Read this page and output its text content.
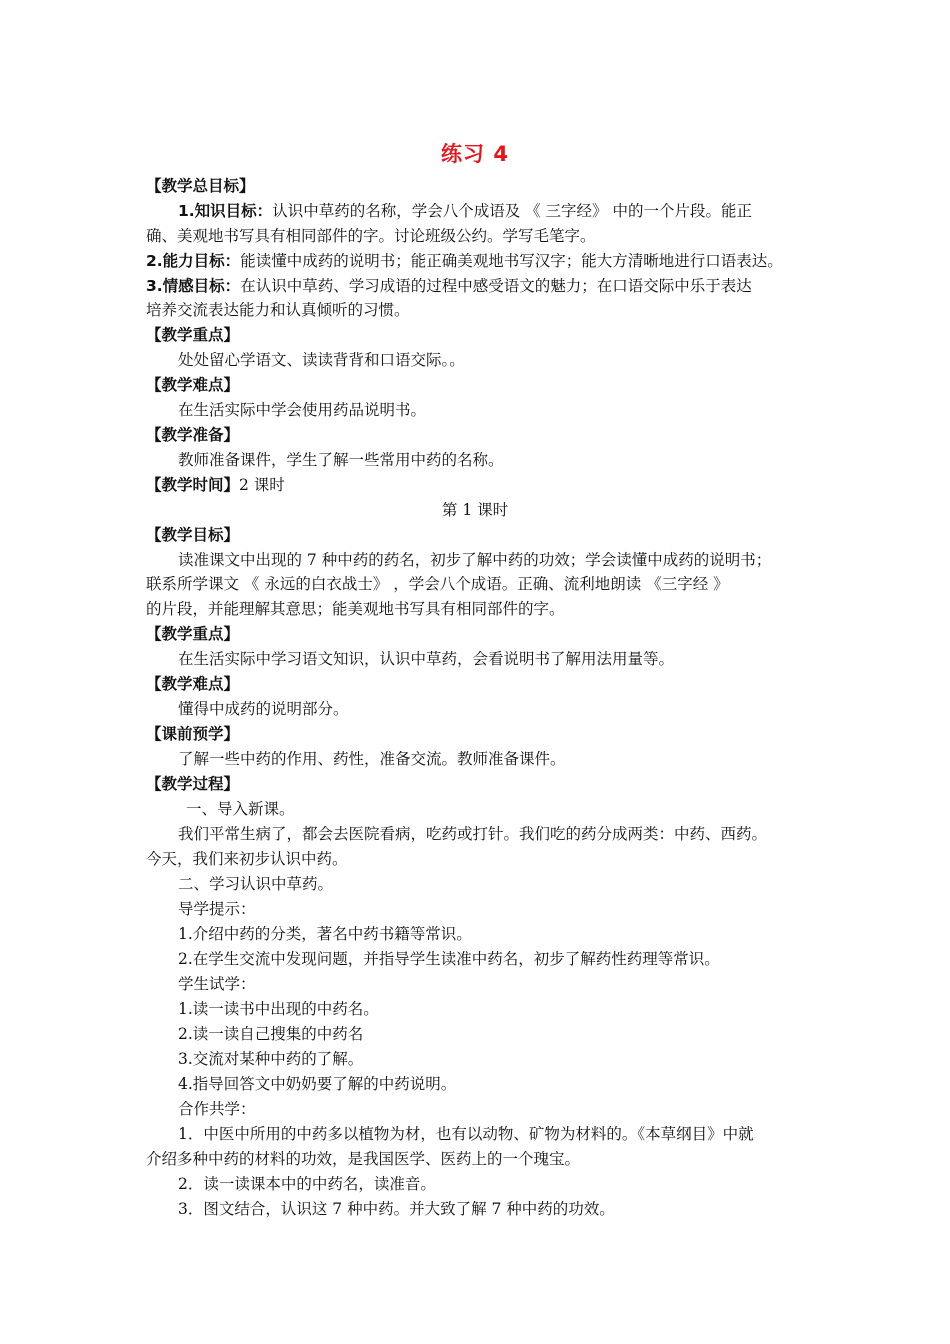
练习 4
【教学总目标】
1.知识目标：认识中草药的名称，学会八个成语及 《 三字经》 中的一个片段。能正
确、美观地书写具有相同部件的字。讨论班级公约。学写毛笔字。
2.能力目标：能读懂中成药的说明书；能正确美观地书写汉字；能大方清晰地进行口语表达。
3.情感目标：在认识中草药、学习成语的过程中感受语文的魅力；在口语交际中乐于表达
培养交流表达能力和认真倾听的习惯。
【教学重点】
处处留心学语文、读读背背和口语交际。。
【教学难点】
在生活实际中学会使用药品说明书。
【教学准备】
教师准备课件，学生了解一些常用中药的名称。
【教学时间】2 课时
第 1 课时
【教学目标】
读准课文中出现的 7 种中药的药名，初步了解中药的功效；学会读懂中成药的说明书；
联系所学课文 《 永远的白衣战士》 ，学会八个成语。正确、流利地朗读 《三字经 》
的片段，并能理解其意思；能美观地书写具有相同部件的字。
【教学重点】
在生活实际中学习语文知识，认识中草药，会看说明书了解用法用量等。
【教学难点】
懂得中成药的说明部分。
【课前预学】
了解一些中药的作用、药性，准备交流。教师准备课件。
【教学过程】
一、导入新课。
我们平常生病了，都会去医院看病，吃药或打针。我们吃的药分成两类：中药、西药。
今天，我们来初步认识中药。
二、学习认识中草药。
导学提示：
1.介绍中药的分类，著名中药书籍等常识。
2.在学生交流中发现问题，并指导学生读准中药名，初步了解药性药理等常识。
学生试学：
1.读一读书中出现的中药名。
2.读一读自己搜集的中药名
3.交流对某种中药的了解。
4.指导回答文中奶奶要了解的中药说明。
合作共学：
1．中医中所用的中药多以植物为材，也有以动物、矿物为材料的。《本草纲目》中就
介绍多种中药的材料的功效，是我国医学、医药上的一个瑰宝。
2．读一读课本中的中药名，读准音。
3．图文结合，认识这 7 种中药。并大致了解 7 种中药的功效。
